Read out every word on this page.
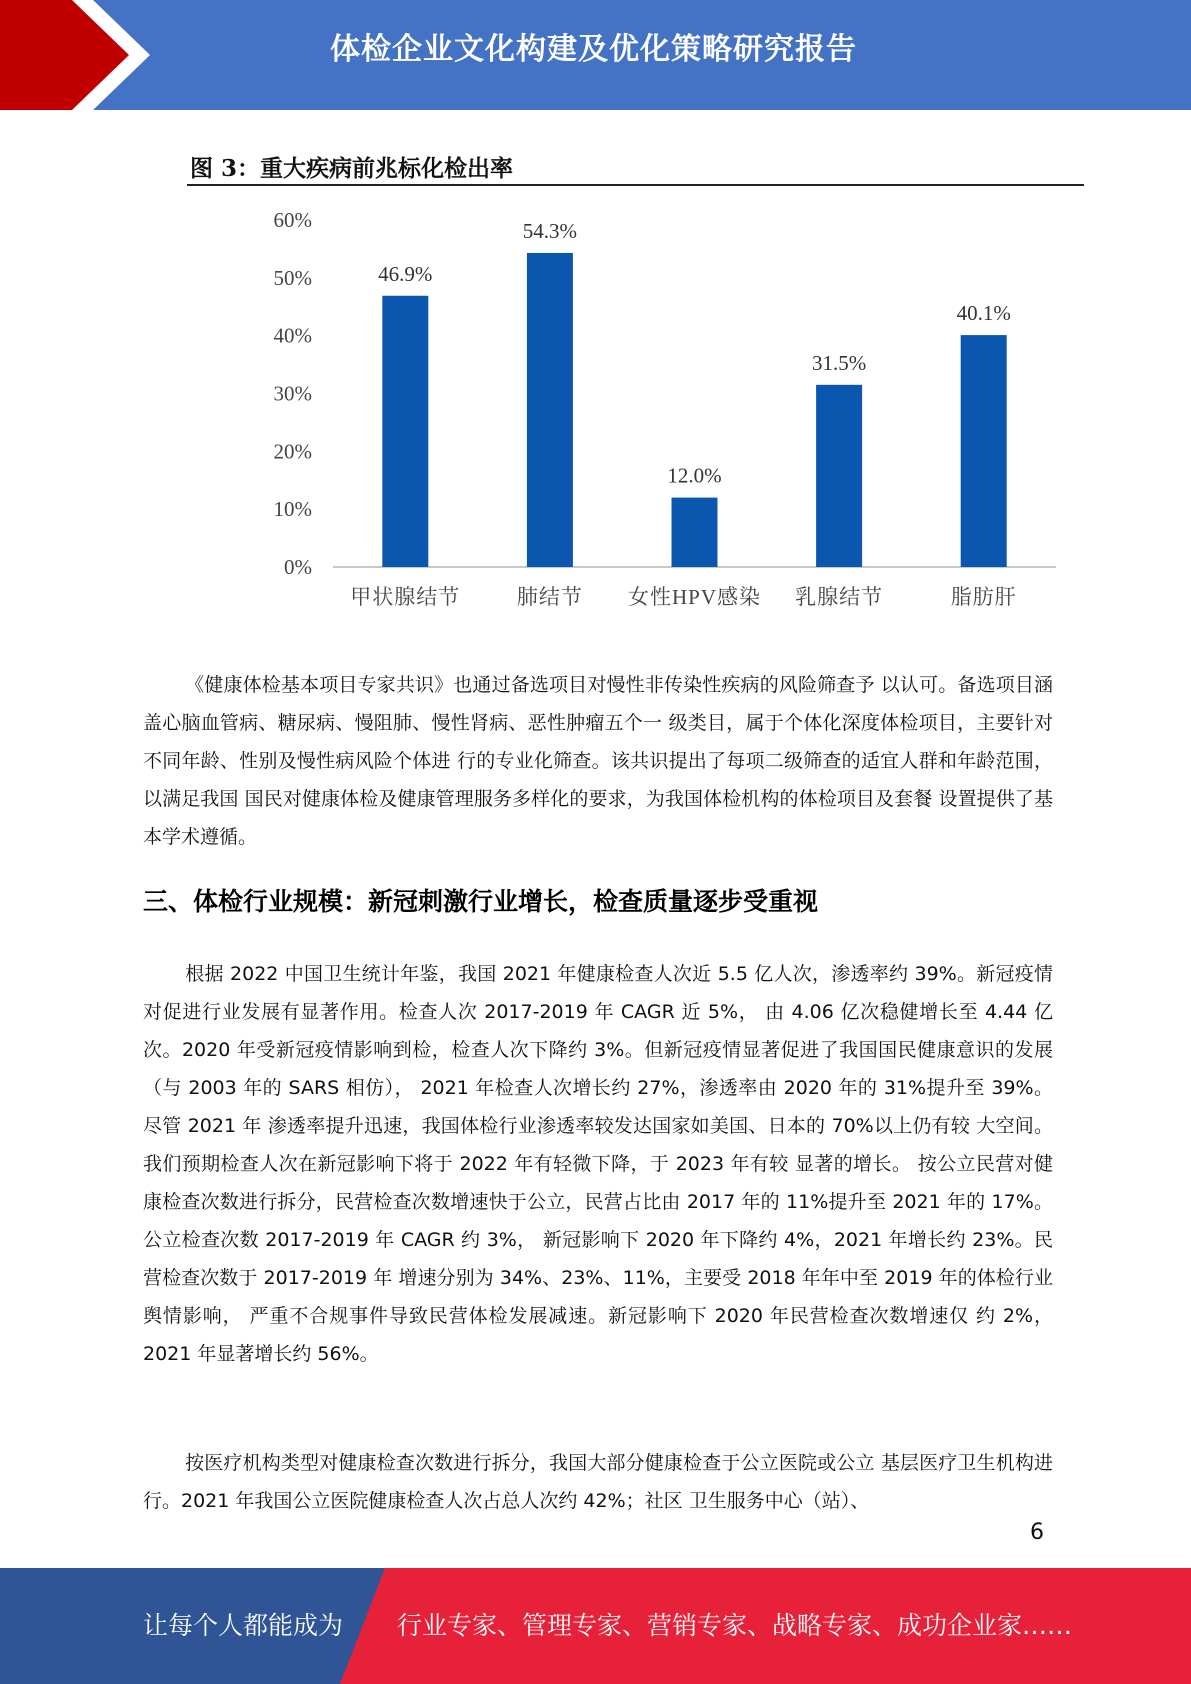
体检企业文化构建及优化策略研究报告
图 3：重大疾病前兆标化检出率
0%
10%
20%
30%
40%
50%
60%
46.9%
甲状腺结节
54.3%
肺结节
12.0%
女性HPV感染
31.5%
乳腺结节
40.1%
脂肪肝

《健康体检基本项目专家共识》也通过备选项目对慢性非传染性疾病的风险筛查予 以认可。备选项目涵盖心脑血管病、糖尿病、慢阻肺、慢性肾病、恶性肿瘤五个一 级类目，属于个体化深度体检项目，主要针对不同年龄、性别及慢性病风险个体进 行的专业化筛查。该共识提出了每项二级筛查的适宜人群和年龄范围，以满足我国 国民对健康体检及健康管理服务多样化的要求，为我国体检机构的体检项目及套餐 设置提供了基本学术遵循。

三、体检行业规模：新冠刺激行业增长，检查质量逐步受重视

根据 2022 中国卫生统计年鉴，我国 2021 年健康检查人次近 5.5 亿人次，渗透率约 39%。新冠疫情对促进行业发展有显著作用。检查人次 2017-2019 年 CAGR 近 5%， 由 4.06 亿次稳健增长至 4.44 亿次。2020 年受新冠疫情影响到检，检查人次下降约 3%。但新冠疫情显著促进了我国国民健康意识的发展（与 2003 年的 SARS 相仿）， 2021 年检查人次增长约 27%，渗透率由 2020 年的 31%提升至 39%。尽管 2021 年 渗透率提升迅速，我国体检行业渗透率较发达国家如美国、日本的 70%以上仍有较 大空间。我们预期检查人次在新冠影响下将于 2022 年有轻微下降，于 2023 年有较 显著的增长。 按公立民营对健康检查次数进行拆分，民营检查次数增速快于公立，民营占比由 2017 年的 11%提升至 2021 年的 17%。公立检查次数 2017-2019 年 CAGR 约 3%， 新冠影响下 2020 年下降约 4%，2021 年增长约 23%。民营检查次数于 2017-2019 年 增速分别为 34%、23%、11%，主要受 2018 年年中至 2019 年的体检行业舆情影响， 严重不合规事件导致民营体检发展减速。新冠影响下 2020 年民营检查次数增速仅 约 2%，2021 年显著增长约 56%。

按医疗机构类型对健康检查次数进行拆分，我国大部分健康检查于公立医院或公立 基层医疗卫生机构进行。2021 年我国公立医院健康检查人次占总人次约 42%；社区 卫生服务中心（站）、

6
让每个人都能成为 行业专家、管理专家、营销专家、战略专家、成功企业家……
